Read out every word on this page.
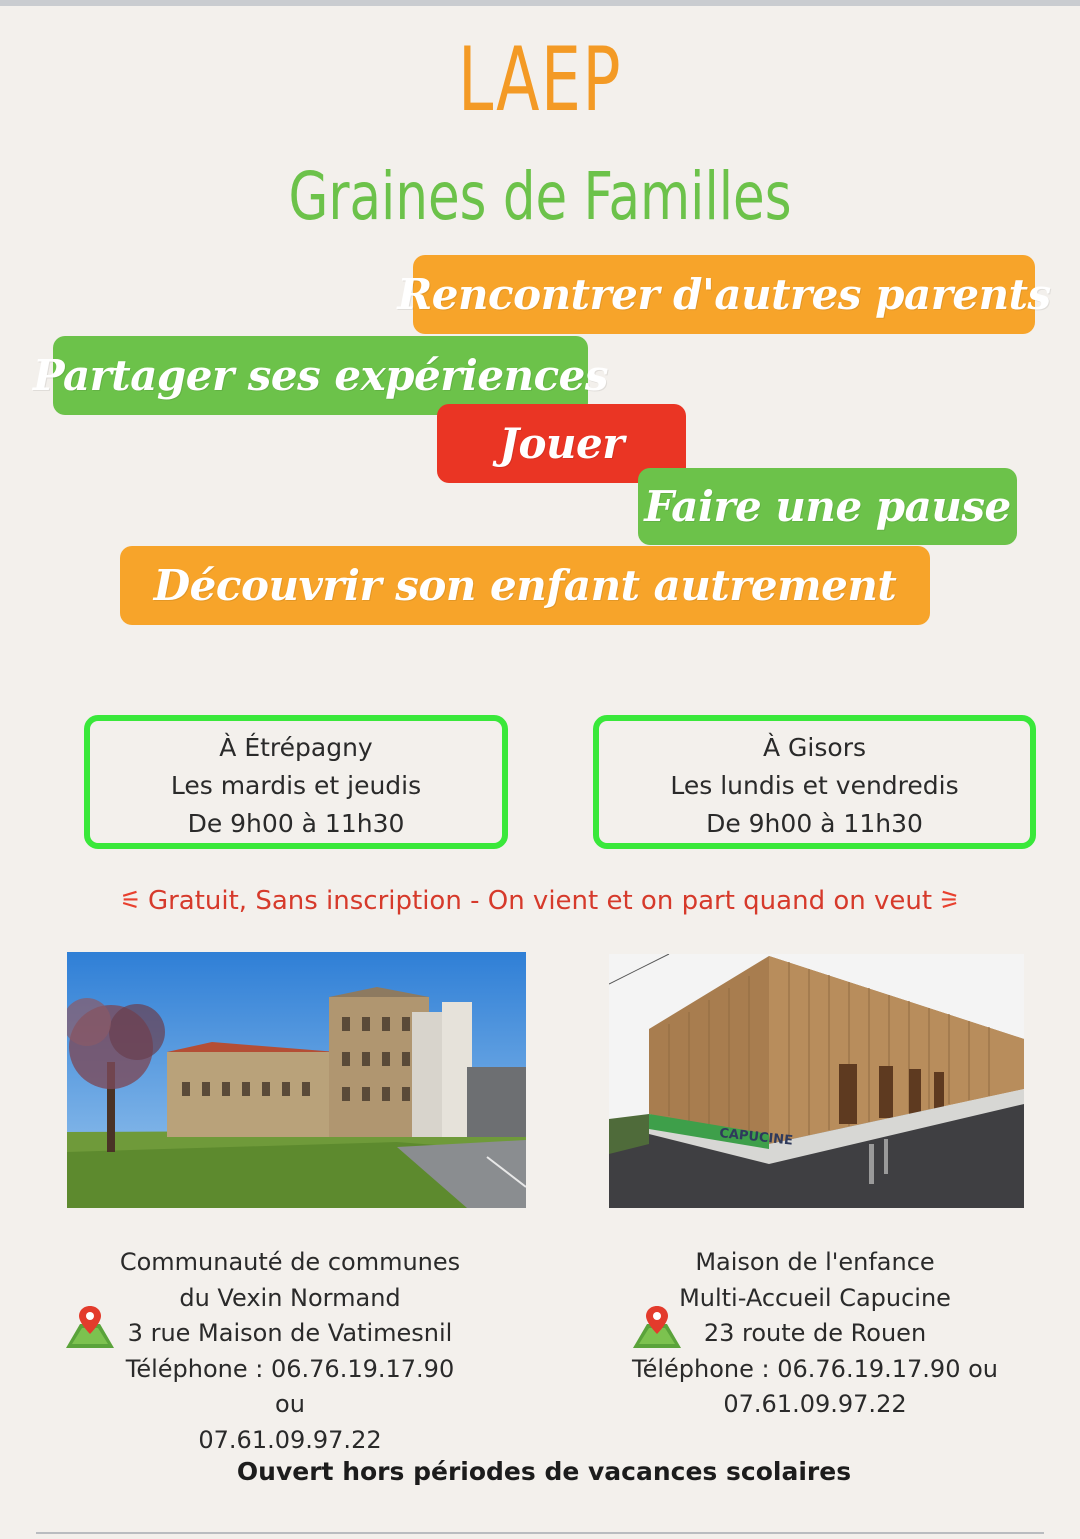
LAEP
Graines de Familles
Rencontrer d'autres parents
Partager ses expériences
Jouer
Faire une pause
Découvrir son enfant autrement
À Étrépagny
Les mardis et jeudis
De 9h00 à 11h30
À Gisors
Les lundis et vendredis
De 9h00 à 11h30
⚟ Gratuit, Sans inscription - On vient et on part quand on veut ⚞
CAPUCINE
Communauté de communes
du Vexin Normand
3 rue Maison de Vatimesnil
Téléphone : 06.76.19.17.90 ou
07.61.09.97.22
Maison de l'enfance
Multi-Accueil Capucine
23 route de Rouen
Téléphone : 06.76.19.17.90 ou
07.61.09.97.22
Ouvert hors périodes de vacances scolaires
